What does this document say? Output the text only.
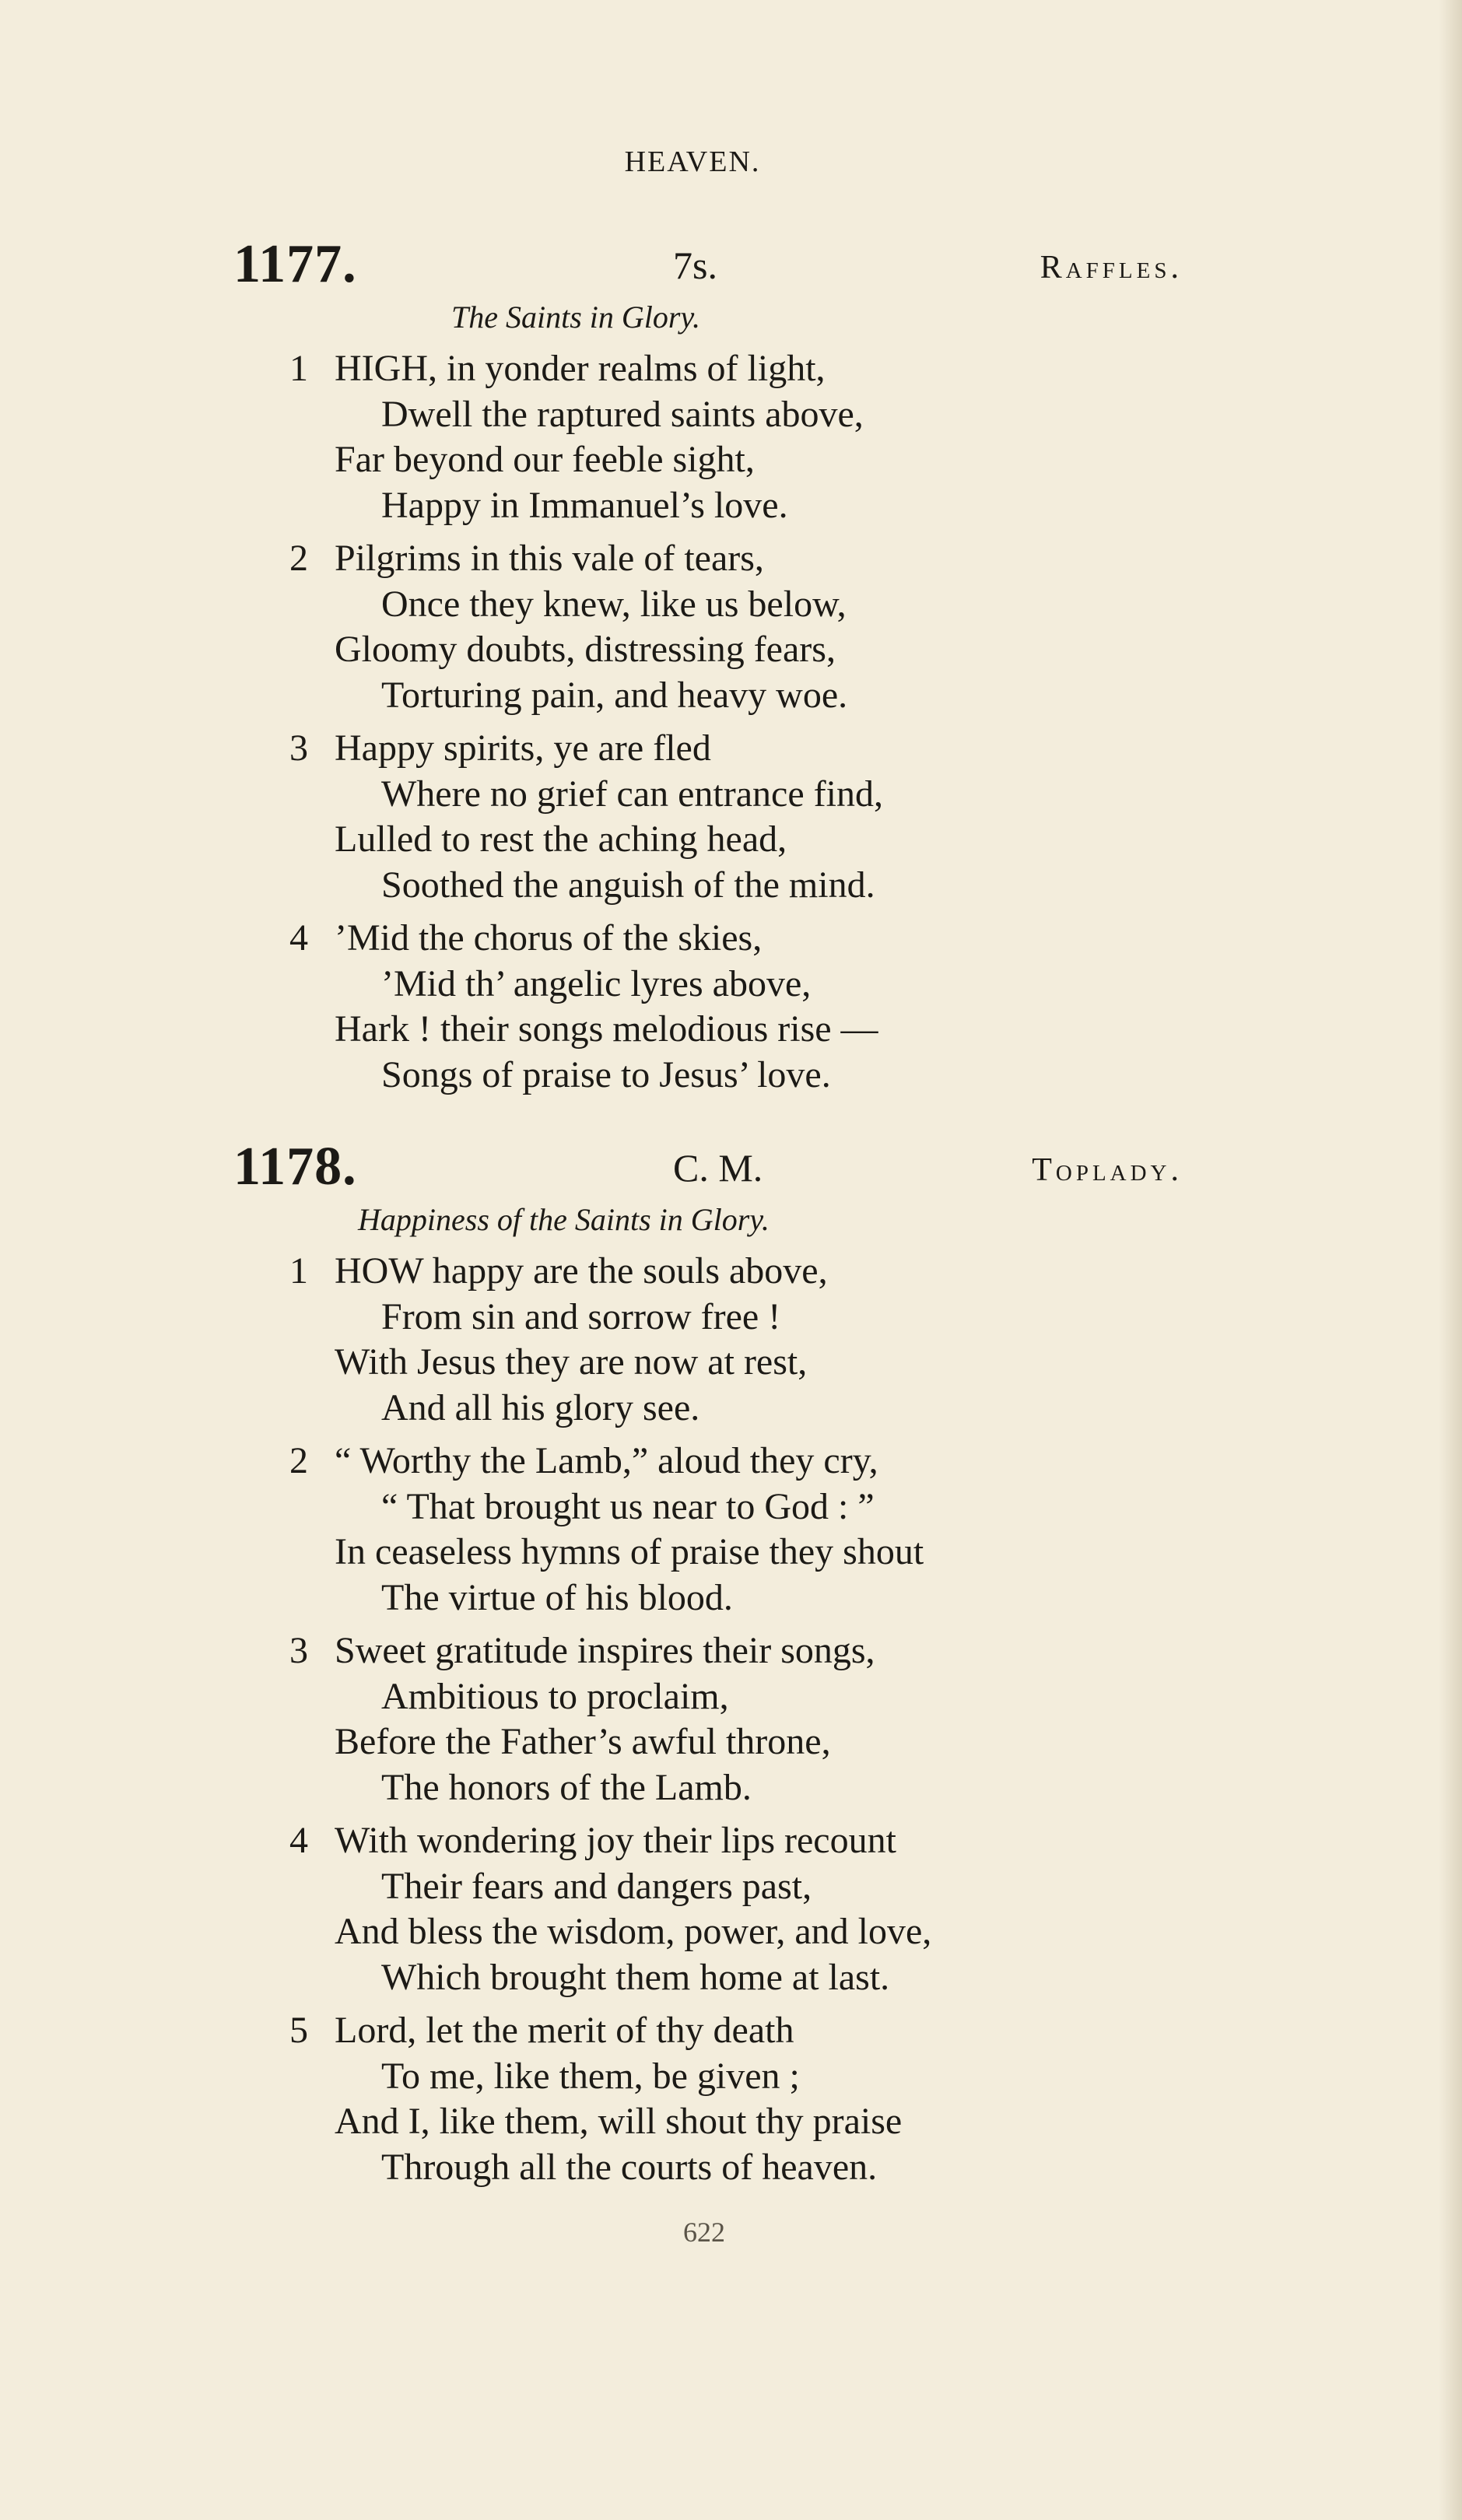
HEAVEN.
1177.	7s.	Raffles.
The Saints in Glory.
1 HIGH, in yonder realms of light,
Dwell the raptured saints above,
Far beyond our feeble sight,
Happy in Immanuel’s love.
2 Pilgrims in this vale of tears,
Once they knew, like us below,
Gloomy doubts, distressing fears,
Torturing pain, and heavy woe.
3 Happy spirits, ye are fled
Where no grief can entrance find,
Lulled to rest the aching head,
Soothed the anguish of the mind.
4 ’Mid the chorus of the skies,
’Mid th’ angelic lyres above,
Hark ! their songs melodious rise —
Songs of praise to Jesus’ love.
1178.	C. M.	Toplady.
Happiness of the Saints in Glory.
1 HOW happy are the souls above,
From sin and sorrow free !
With Jesus they are now at rest,
And all his glory see.
2 “ Worthy the Lamb,” aloud they cry,
“ That brought us near to God : ”
In ceaseless hymns of praise they shout
The virtue of his blood.
3 Sweet gratitude inspires their songs,
Ambitious to proclaim,
Before the Father’s awful throne,
The honors of the Lamb.
4 With wondering joy their lips recount
Their fears and dangers past,
And bless the wisdom, power, and love,
Which brought them home at last.
5 Lord, let the merit of thy death
To me, like them, be given ;
And I, like them, will shout thy praise
Through all the courts of heaven.
622
